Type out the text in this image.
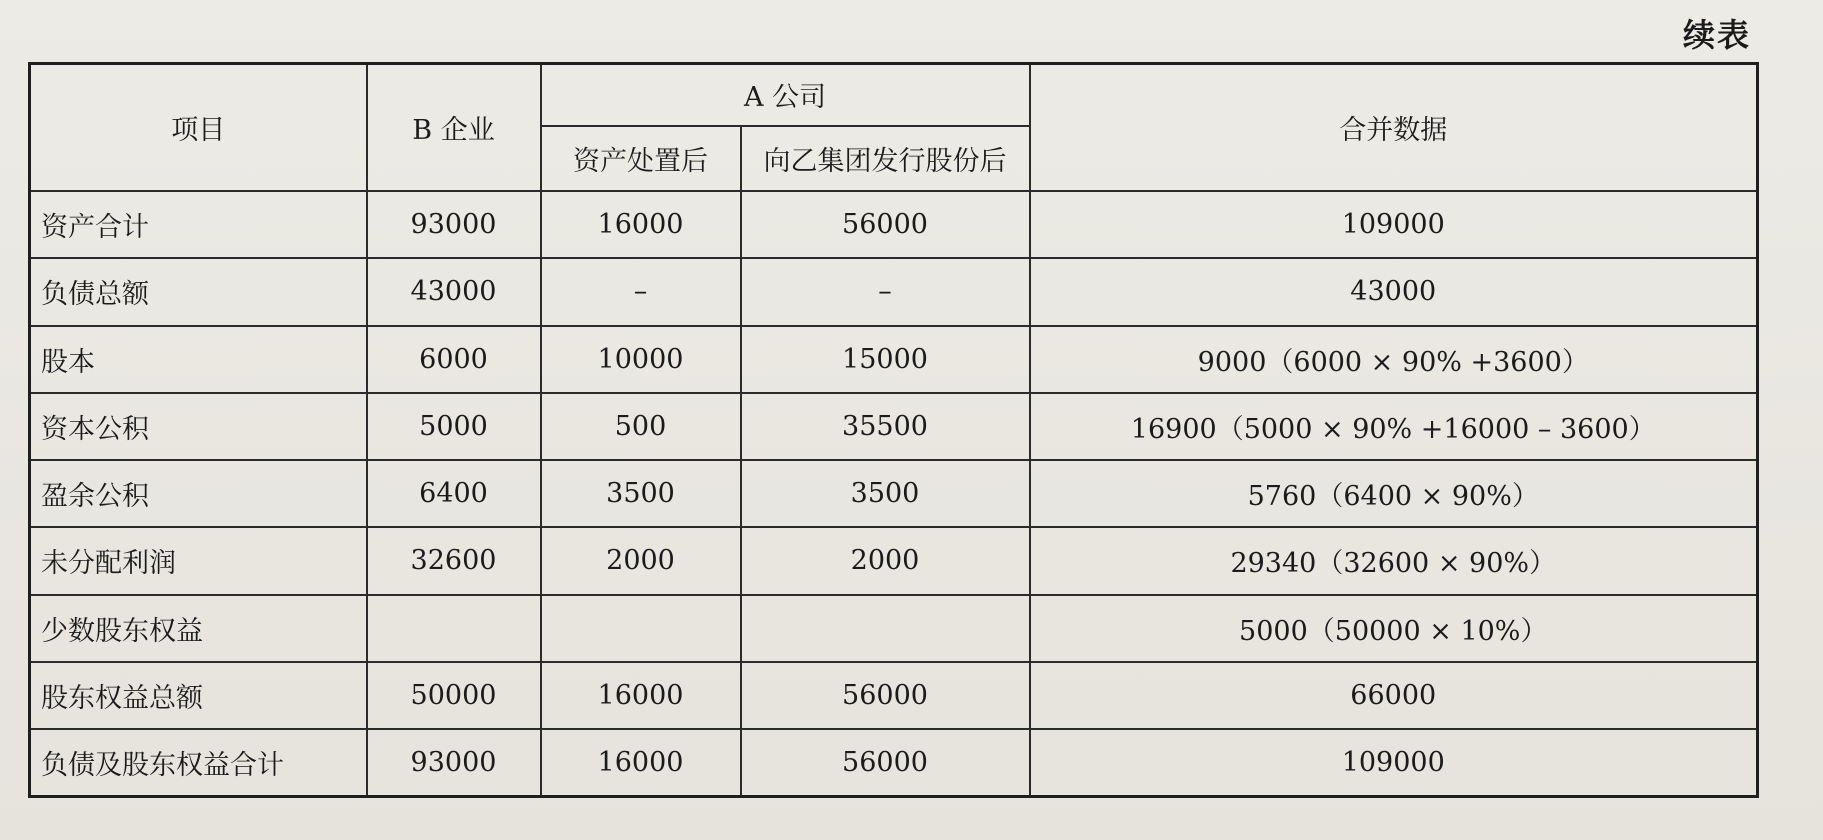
续表
项目	B 企业	A 公司		合并数据
		资产处置后	向乙集团发行股份后	
资产合计	93000	16000	56000	109000
负债总额	43000	–	–	43000
股本	6000	10000	15000	9000（6000 × 90% +3600）
资本公积	5000	500	35500	16900（5000 × 90% +16000 – 3600）
盈余公积	6400	3500	3500	5760（6400 × 90%）
未分配利润	32600	2000	2000	29340（32600 × 90%）
少数股东权益				5000（50000 × 10%）
股东权益总额	50000	16000	56000	66000
负债及股东权益合计	93000	16000	56000	109000
